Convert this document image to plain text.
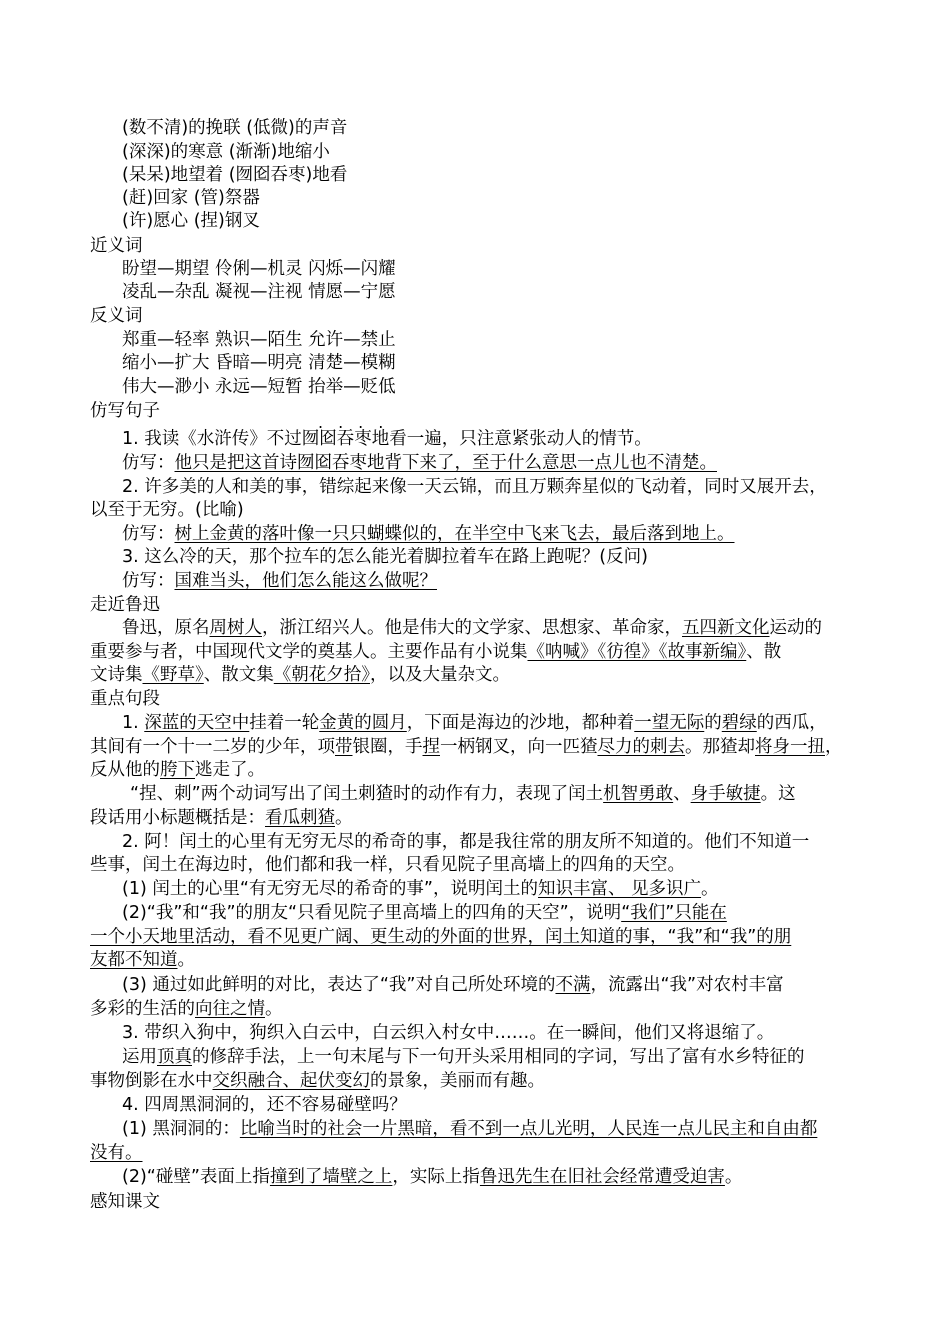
(数不清)的挽联 (低微)的声音
(深深)的寒意 (渐渐)地缩小
(呆呆)地望着 (囫囵吞枣)地看
(赶)回家 (管)祭器
(许)愿心 (捏)钢叉
近义词
盼望—期望 伶俐—机灵 闪烁—闪耀
凌乱—杂乱 凝视—注视 情愿—宁愿
反义词
郑重—轻率 熟识—陌生 允许—禁止
缩小—扩大 昏暗—明亮 清楚—模糊
伟大—渺小 永远—短暂 抬举—贬低
仿写句子
....
1. 我读《水浒传》不过囫囵吞枣地看一遍，只注意紧张动人的情节。
仿写：他只是把这首诗囫囵吞枣地背下来了，至于什么意思一点儿也不清楚。
2. 许多美的人和美的事，错综起来像一天云锦，而且万颗奔星似的飞动着，同时又展开去，
以至于无穷。(比喻)
仿写：树上金黄的落叶像一只只蝴蝶似的，在半空中飞来飞去，最后落到地上。
3. 这么冷的天，那个拉车的怎么能光着脚拉着车在路上跑呢？(反问)
仿写：国难当头，他们怎么能这么做呢？
走近鲁迅
鲁迅，原名周树人，浙江绍兴人。他是伟大的文学家、思想家、革命家，五四新文化运动的
重要参与者，中国现代文学的奠基人。主要作品有小说集《呐喊》《彷徨》《故事新编》、散
文诗集《野草》、散文集《朝花夕拾》，以及大量杂文。
重点句段
1. 深蓝的天空中挂着一轮金黄的圆月，下面是海边的沙地，都种着一望无际的碧绿的西瓜，
其间有一个十一二岁的少年，项带银圈，手捏一柄钢叉，向一匹猹尽力的刺去。那猹却将身一扭，
反从他的胯下逃走了。
“捏、刺”两个动词写出了闰土刺猹时的动作有力，表现了闰土机智勇敢、身手敏捷。这
段话用小标题概括是：看瓜刺猹。
2. 阿！闰土的心里有无穷无尽的希奇的事，都是我往常的朋友所不知道的。他们不知道一
些事，闰土在海边时，他们都和我一样，只看见院子里高墙上的四角的天空。
(1) 闰土的心里“有无穷无尽的希奇的事”，说明闰土的知识丰富、 见多识广。
(2)“我”和“我”的朋友“只看见院子里高墙上的四角的天空”，说明“我们”只能在
一个小天地里活动，看不见更广阔、更生动的外面的世界，闰土知道的事，“我”和“我”的朋
友都不知道。
(3) 通过如此鲜明的对比，表达了“我”对自己所处环境的不满，流露出“我”对农村丰富
多彩的生活的向往之情。
3. 带织入狗中，狗织入白云中，白云织入村女中……。在一瞬间，他们又将退缩了。
运用顶真的修辞手法，上一句末尾与下一句开头采用相同的字词，写出了富有水乡特征的
事物倒影在水中交织融合、起伏变幻的景象，美丽而有趣。
4. 四周黑洞洞的，还不容易碰壁吗？
(1) 黑洞洞的：比喻当时的社会一片黑暗，看不到一点儿光明，人民连一点儿民主和自由都
没有。
(2)“碰壁”表面上指撞到了墙壁之上，实际上指鲁迅先生在旧社会经常遭受迫害。
感知课文
